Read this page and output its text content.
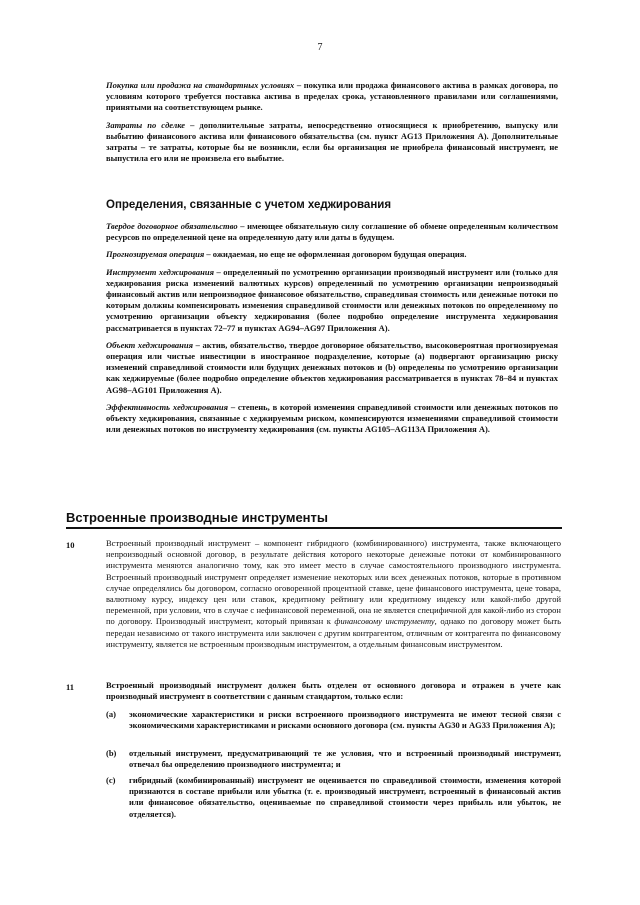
7

Покупка или продажа на стандартных условиях – покупка или продажа финансового актива в рамках договора, по условиям которого требуется поставка актива в пределах срока, установленного правилами или соглашениями, принятыми на соответствующем рынке.

Затраты по сделке – дополнительные затраты, непосредственно относящиеся к приобретению, выпуску или выбытию финансового актива или финансового обязательства (см. пункт AG13 Приложения A). Дополнительные затраты – те затраты, которые бы не возникли, если бы организация не приобрела финансовый инструмент, не выпустила его или не произвела его выбытие.

Определения, связанные с учетом хеджирования

Твердое договорное обязательство – имеющее обязательную силу соглашение об обмене определенным количеством ресурсов по определенной цене на определенную дату или даты в будущем.

Прогнозируемая операция – ожидаемая, но еще не оформленная договором будущая операция.

Инструмент хеджирования – определенный по усмотрению организации производный инструмент или (только для хеджирования риска изменений валютных курсов) определенный по усмотрению организации непроизводный финансовый актив или непроизводное финансовое обязательство, справедливая стоимость или денежные потоки по которым должны компенсировать изменения справедливой стоимости или денежных потоков по определенному по усмотрению организации объекту хеджирования (более подробно определение инструмента хеджирования рассматривается в пунктах 72–77 и пунктах AG94–AG97 Приложения A).

Объект хеджирования – актив, обязательство, твердое договорное обязательство, высоковероятная прогнозируемая операция или чистые инвестиции в иностранное подразделение, которые (a) подвергают организацию риску изменений справедливой стоимости или будущих денежных потоков и (b) определены по усмотрению организации как хеджируемые (более подробно определение объектов хеджирования рассматривается в пунктах 78–84 и пунктах AG98–AG101 Приложения A).

Эффективность хеджирования – степень, в которой изменения справедливой стоимости или денежных потоков по объекту хеджирования, связанные с хеджируемым риском, компенсируются изменениями справедливой стоимости или денежных потоков по инструменту хеджирования (см. пункты AG105–AG113A Приложения A).

Встроенные производные инструменты
10	Встроенный производный инструмент – компонент гибридного (комбинированного) инструмента, также включающего непроизводный основной договор, в результате действия которого некоторые денежные потоки от комбинированного инструмента меняются аналогично тому, как это имеет место в случае самостоятельного производного инструмента. Встроенный производный инструмент определяет изменение некоторых или всех денежных потоков, которые в противном случае определялись бы договором, согласно оговоренной процентной ставке, цене финансового инструмента, цене товара, валютному курсу, индексу цен или ставок, кредитному рейтингу или кредитному индексу или какой-либо другой переменной, при условии, что в случае с нефинансовой переменной, она не является специфичной для какой-либо из сторон по договору. Производный инструмент, который привязан к финансовому инструменту, однако по договору может быть передан независимо от такого инструмента или заключен с другим контрагентом, отличным от контрагента по финансовому инструменту, является не встроенным производным инструментом, а отдельным финансовым инструментом.

11	Встроенный производный инструмент должен быть отделен от основного договора и отражен в учете как производный инструмент в соответствии с данным стандартом, только если:

(a) экономические характеристики и риски встроенного производного инструмента не имеют тесной связи с экономическими характеристиками и рисками основного договора (см. пункты AG30 и AG33 Приложения A);
(b) отдельный инструмент, предусматривающий те же условия, что и встроенный производный инструмент, отвечал бы определению производного инструмента; и
(c) гибридный (комбинированный) инструмент не оценивается по справедливой стоимости, изменения которой признаются в составе прибыли или убытка (т. е. производный инструмент, встроенный в финансовый актив или финансовое обязательство, оцениваемые по справедливой стоимости через прибыль или убыток, не отделяется).
